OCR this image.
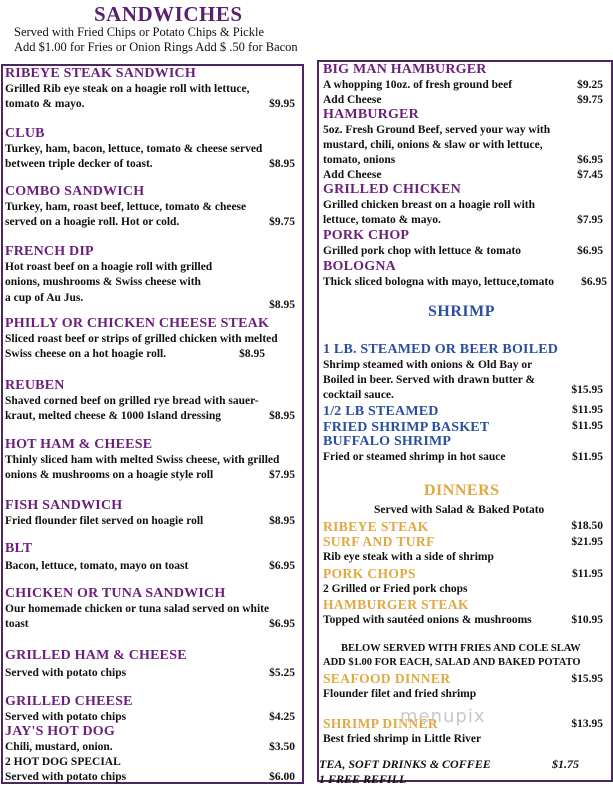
SANDWICHES
Served with Fried Chips or Potato Chips & Pickle
Add $1.00 for Fries or Onion Rings Add $ .50 for Bacon
RIBEYE STEAK SANDWICH
Grilled Rib eye steak on a hoagie roll with lettuce,
tomato & mayo.	$9.95
CLUB
Turkey, ham, bacon, lettuce, tomato & cheese served
between triple decker of toast.	$8.95
COMBO SANDWICH
Turkey, ham, roast beef, lettuce, tomato & cheese
served on a hoagie roll. Hot or cold.	$9.75
FRENCH DIP
Hot roast beef on a hoagie roll with grilled
onions, mushrooms & Swiss cheese with
a cup of Au Jus.
$8.95
PHILLY OR CHICKEN CHEESE STEAK
Sliced roast beef or strips of grilled chicken with melted
Swiss cheese on a hot hoagie roll.	$8.95
REUBEN
Shaved corned beef on grilled rye bread with sauer-
kraut, melted cheese & 1000 Island dressing	$8.95
HOT HAM & CHEESE
Thinly sliced ham with melted Swiss cheese, with grilled
onions & mushrooms on a hoagie style roll	$7.95
FISH SANDWICH
Fried flounder filet served on hoagie roll	$8.95
BLT
Bacon, lettuce, tomato, mayo on toast	$6.95
CHICKEN OR TUNA SANDWICH
Our homemade chicken or tuna salad served on white
toast	$6.95
GRILLED HAM & CHEESE
Served with potato chips	$5.25
GRILLED CHEESE
Served with potato chips	$4.25
JAY'S HOT DOG
Chili, mustard, onion.	$3.50
2 HOT DOG SPECIAL
Served with potato chips	$6.00
BIG MAN HAMBURGER
A whopping 10oz. of fresh ground beef	$9.25
Add Cheese	$9.75
HAMBURGER
5oz. Fresh Ground Beef, served your way with
mustard, chili, onions & slaw or with lettuce,
tomato, onions	$6.95
Add Cheese	$7.45
GRILLED CHICKEN
Grilled chicken breast on a hoagie roll with
lettuce, tomato & mayo.	$7.95
PORK CHOP
Grilled pork chop with lettuce & tomato	$6.95
BOLOGNA
Thick sliced bologna with mayo, lettuce,tomato $6.95
SHRIMP
1 LB. STEAMED OR BEER BOILED
Shrimp steamed with onions & Old Bay or
Boiled in beer. Served with drawn butter &
cocktail sauce.	$15.95
1/2 LB STEAMED	$11.95
FRIED SHRIMP BASKET	$11.95
BUFFALO SHRIMP
Fried or steamed shrimp in hot sauce	$11.95
DINNERS
Served with Salad & Baked Potato
RIBEYE STEAK	$18.50
SURF AND TURF	$21.95
Rib eye steak with a side of shrimp
PORK CHOPS	$11.95
2 Grilled or Fried pork chops
HAMBURGER STEAK
Topped with sautéed onions & mushrooms	$10.95
BELOW SERVED WITH FRIES AND COLE SLAW
ADD $1.00 FOR EACH, SALAD AND BAKED POTATO
SEAFOOD DINNER	$15.95
Flounder filet and fried shrimp
SHRIMP DINNER	$13.95
Best fried shrimp in Little River
menupix
TEA, SOFT DRINKS & COFFEE	$1.75
1 FREE REFILL
